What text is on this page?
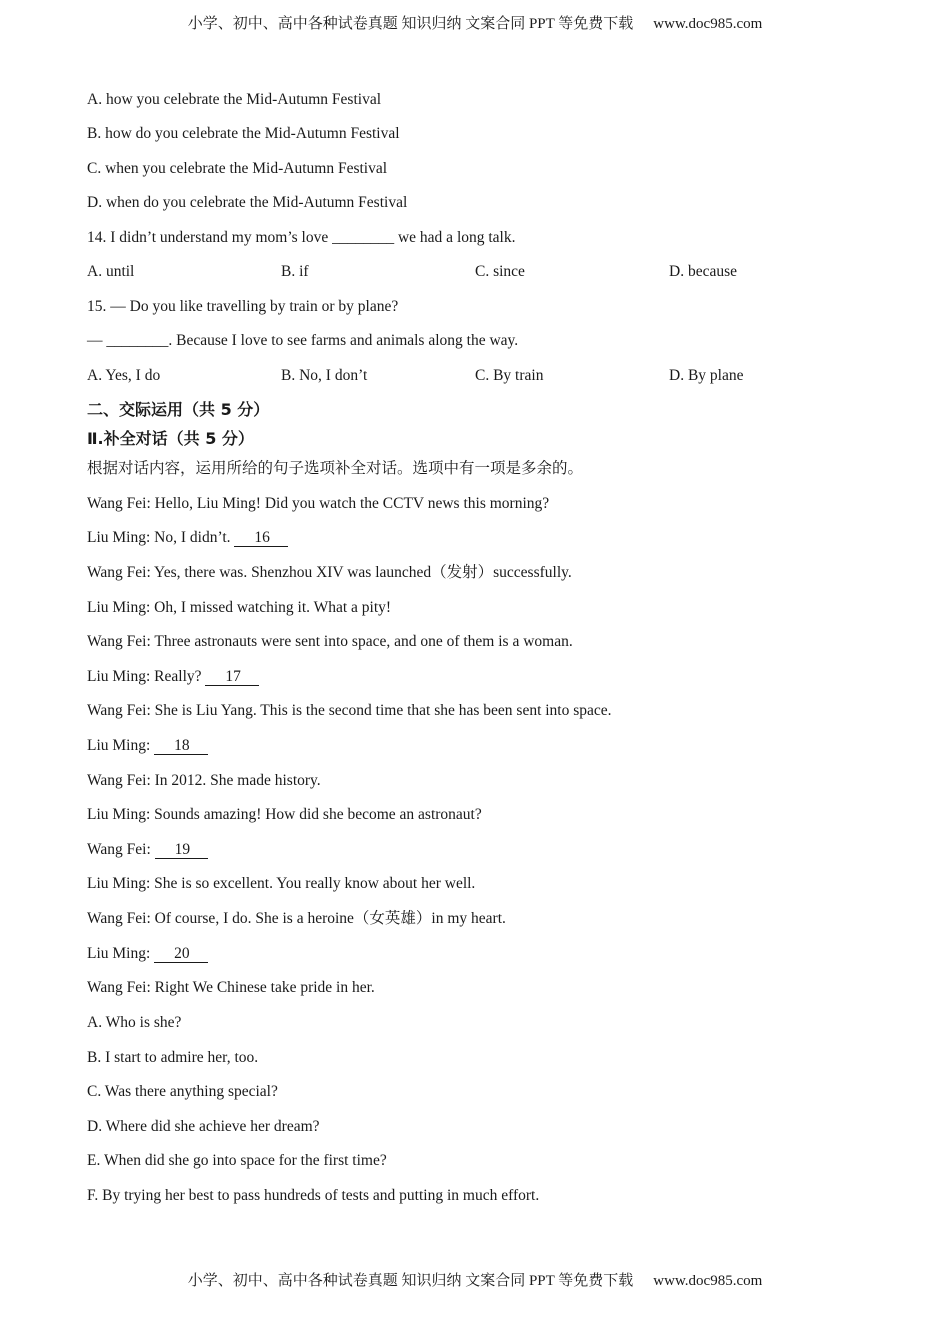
小学、初中、高中各种试卷真题 知识归纳 文案合同 PPT 等免费下载 www.doc985.com
A. how you celebrate the Mid-Autumn Festival
B. how do you celebrate the Mid-Autumn Festival
C. when you celebrate the Mid-Autumn Festival
D. when do you celebrate the Mid-Autumn Festival
14. I didn’t understand my mom’s love ________ we had a long talk.
A. until	B. if	C. since	D. because
15. — Do you like travelling by train or by plane?
— ________. Because I love to see farms and animals along the way.
A. Yes, I do	B. No, I don’t	C. By train	D. By plane
二、交际运用（共 5 分）
Ⅱ.补全对话（共 5 分）
根据对话内容，运用所给的句子选项补全对话。选项中有一项是多余的。
Wang Fei: Hello, Liu Ming! Did you watch the CCTV news this morning?
Liu Ming: No, I didn’t. 16
Wang Fei: Yes, there was. Shenzhou XIV was launched（发射）successfully.
Liu Ming: Oh, I missed watching it. What a pity!
Wang Fei: Three astronauts were sent into space, and one of them is a woman.
Liu Ming: Really? 17
Wang Fei: She is Liu Yang. This is the second time that she has been sent into space.
Liu Ming: 18
Wang Fei: In 2012. She made history.
Liu Ming: Sounds amazing! How did she become an astronaut?
Wang Fei: 19
Liu Ming: She is so excellent. You really know about her well.
Wang Fei: Of course, I do. She is a heroine（女英雄）in my heart.
Liu Ming: 20
Wang Fei: Right We Chinese take pride in her.
A. Who is she?
B. I start to admire her, too.
C. Was there anything special?
D. Where did she achieve her dream?
E. When did she go into space for the first time?
F. By trying her best to pass hundreds of tests and putting in much effort.
小学、初中、高中各种试卷真题 知识归纳 文案合同 PPT 等免费下载 www.doc985.com
